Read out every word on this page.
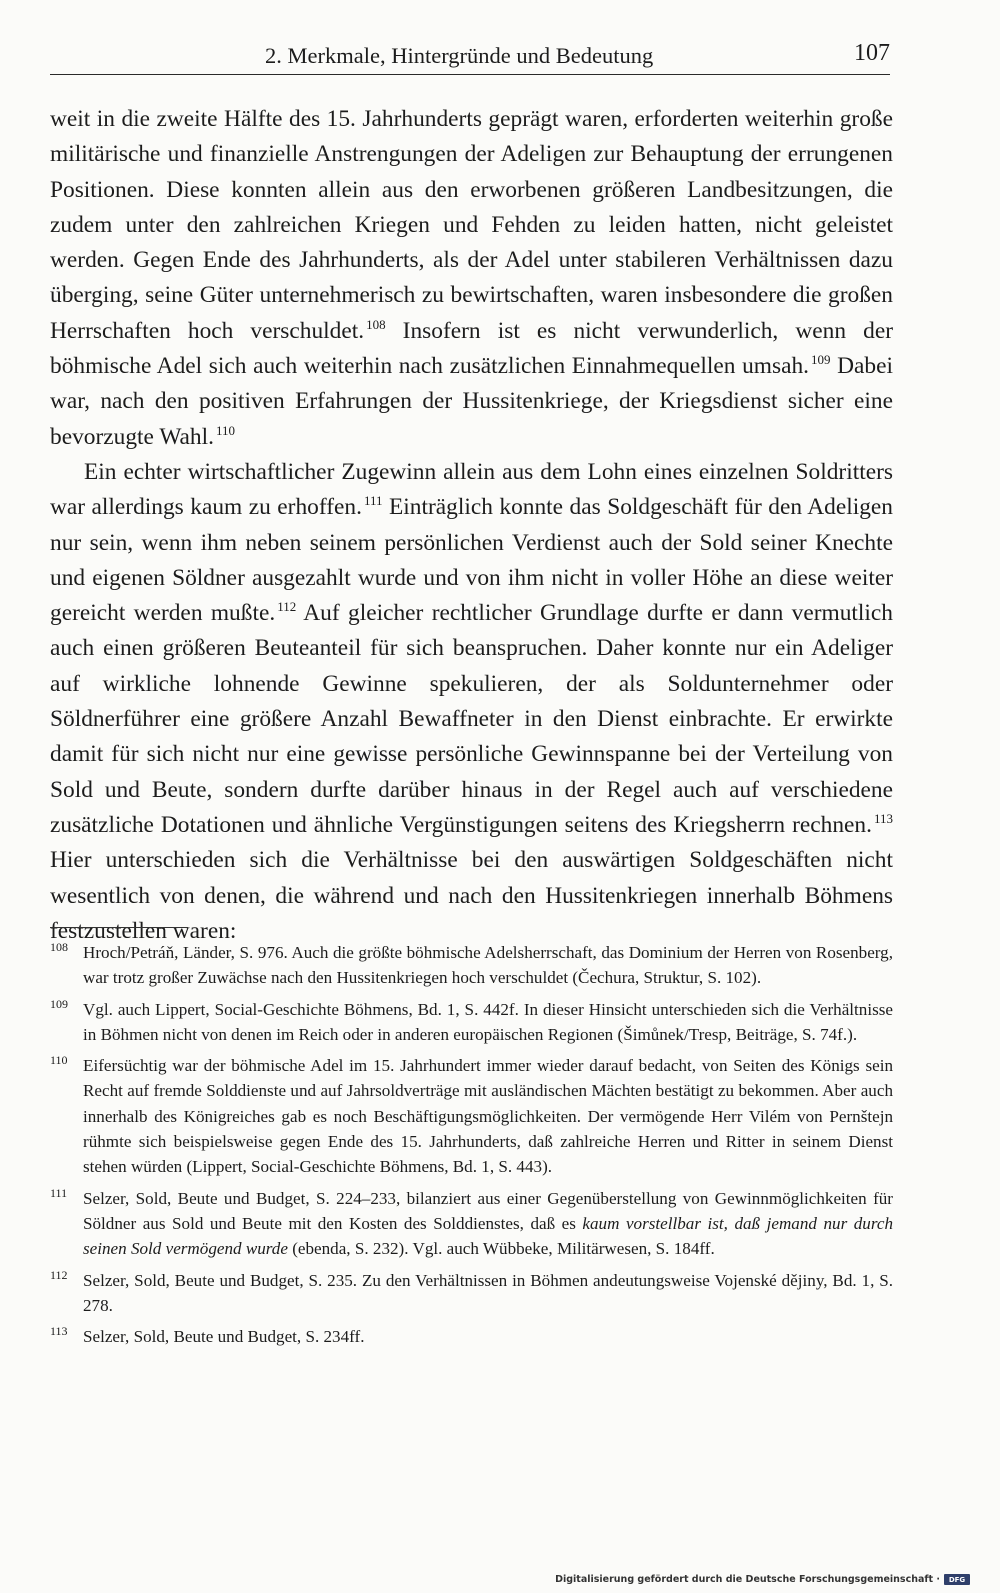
2. Merkmale, Hintergründe und Bedeutung	107

weit in die zweite Hälfte des 15. Jahrhunderts geprägt waren, erforderten weiterhin große militärische und finanzielle Anstrengungen der Adeligen zur Behauptung der errungenen Positionen. Diese konnten allein aus den erworbenen größeren Landbesitzungen, die zudem unter den zahlreichen Kriegen und Fehden zu leiden hatten, nicht geleistet werden. Gegen Ende des Jahrhunderts, als der Adel unter stabileren Verhältnissen dazu überging, seine Güter unternehmerisch zu bewirtschaften, waren insbesondere die großen Herrschaften hoch verschuldet. $^{108}$ Insofern ist es nicht verwunderlich, wenn der böhmische Adel sich auch weiterhin nach zusätzlichen Einnahmequellen umsah. $^{109}$ Dabei war, nach den positiven Erfahrungen der Hussitenkriege, der Kriegsdienst sicher eine bevorzugte Wahl. $^{110}$

Ein echter wirtschaftlicher Zugewinn allein aus dem Lohn eines einzelnen Soldritters war allerdings kaum zu erhoffen. $^{111}$ Einträglich konnte das Soldgeschäft für den Adeligen nur sein, wenn ihm neben seinem persönlichen Verdienst auch der Sold seiner Knechte und eigenen Söldner ausgezahlt wurde und von ihm nicht in voller Höhe an diese weiter gereicht werden mußte. $^{112}$ Auf gleicher rechtlicher Grundlage durfte er dann vermutlich auch einen größeren Beuteanteil für sich beanspruchen. Daher konnte nur ein Adeliger auf wirkliche lohnende Gewinne spekulieren, der als Soldunternehmer oder Söldnerführer eine größere Anzahl Bewaffneter in den Dienst einbrachte. Er erwirkte damit für sich nicht nur eine gewisse persönliche Gewinnspanne bei der Verteilung von Sold und Beute, sondern durfte darüber hinaus in der Regel auch auf verschiedene zusätzliche Dotationen und ähnliche Vergünstigungen seitens des Kriegsherrn rechnen. $^{113}$ Hier unterschieden sich die Verhältnisse bei den auswärtigen Soldgeschäften nicht wesentlich von denen, die während und nach den Hussitenkriegen innerhalb Böhmens festzustellen waren:

108 Hroch/Petráň, Länder, S. 976. Auch die größte böhmische Adelsherrschaft, das Dominium der Herren von Rosenberg, war trotz großer Zuwächse nach den Hussitenkriegen hoch verschuldet (Čechura, Struktur, S. 102).
109 Vgl. auch Lippert, Social-Geschichte Böhmens, Bd. 1, S. 442f. In dieser Hinsicht unterschieden sich die Verhältnisse in Böhmen nicht von denen im Reich oder in anderen europäischen Regionen (Šimůnek/Tresp, Beiträge, S. 74f.).
110 Eifersüchtig war der böhmische Adel im 15. Jahrhundert immer wieder darauf bedacht, von Seiten des Königs sein Recht auf fremde Solddienste und auf Jahrsoldverträge mit ausländischen Mächten bestätigt zu bekommen. Aber auch innerhalb des Königreiches gab es noch Beschäftigungsmöglichkeiten. Der vermögende Herr Vilém von Pernštejn rühmte sich beispielsweise gegen Ende des 15. Jahrhunderts, daß zahlreiche Herren und Ritter in seinem Dienst stehen würden (Lippert, Social-Geschichte Böhmens, Bd. 1, S. 443).
111 Selzer, Sold, Beute und Budget, S. 224–233, bilanziert aus einer Gegenüberstellung von Gewinnmöglichkeiten für Söldner aus Sold und Beute mit den Kosten des Solddienstes, daß es kaum vorstellbar ist, daß jemand nur durch seinen Sold vermögend wurde (ebenda, S. 232). Vgl. auch Wübbeke, Militärwesen, S. 184ff.
112 Selzer, Sold, Beute und Budget, S. 235. Zu den Verhältnissen in Böhmen andeutungsweise Vojenské dějiny, Bd. 1, S. 278.
113 Selzer, Sold, Beute und Budget, S. 234ff.
Digitalisierung gefördert durch die Deutsche Forschungsgemeinschaft ·	DFG
